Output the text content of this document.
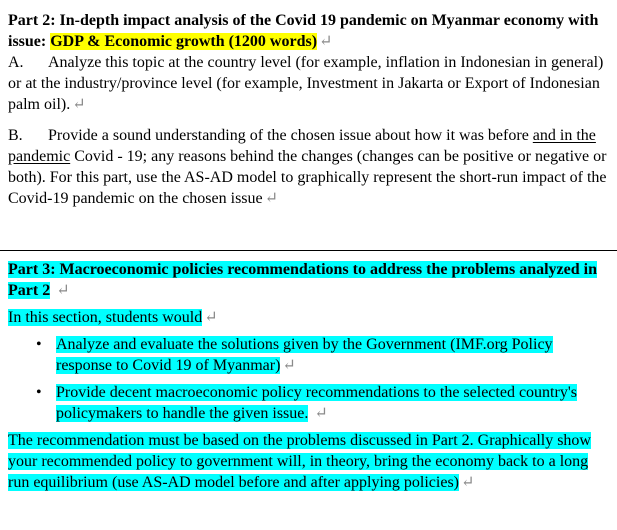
Part 2: In-depth impact analysis of the Covid 19 pandemic on Myanmar economy with issue: GDP & Economic growth (1200 words) ↵

A. Analyze this topic at the country level (for example, inflation in Indonesian in general) or at the industry/province level (for example, Investment in Jakarta or Export of Indonesian palm oil). ↵

B. Provide a sound understanding of the chosen issue about how it was before and in the pandemic Covid - 19; any reasons behind the changes (changes can be positive or negative or both). For this part, use the AS-AD model to graphically represent the short-run impact of the Covid-19 pandemic on the chosen issue ↵

Part 3: Macroeconomic policies recommendations to address the problems analyzed in Part 2 ↵

In this section, students would ↵

• Analyze and evaluate the solutions given by the Government (IMF.org Policy response to Covid 19 of Myanmar) ↵
• Provide decent macroeconomic policy recommendations to the selected country's policymakers to handle the given issue. ↵

The recommendation must be based on the problems discussed in Part 2. Graphically show your recommended policy to government will, in theory, bring the economy back to a long run equilibrium (use AS-AD model before and after applying policies) ↵
